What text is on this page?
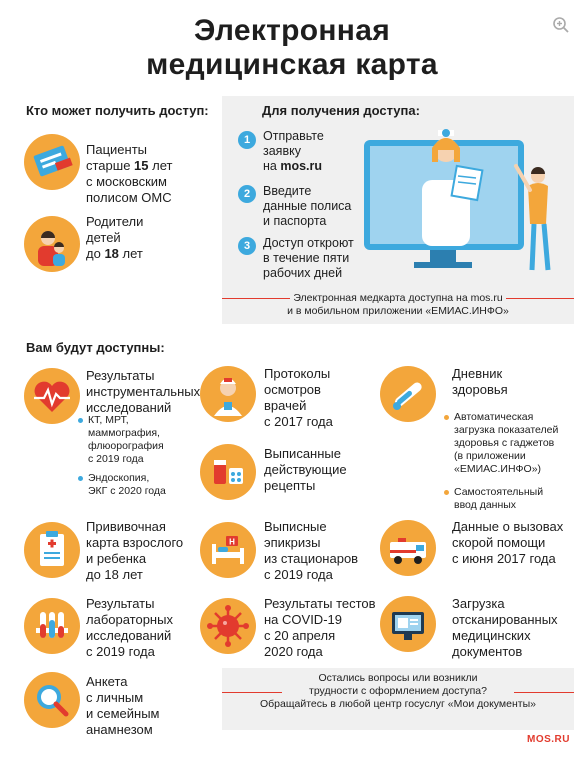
Электронная
медицинская карта
Кто может получить доступ:
Пациенты
старше 15 лет
с московским
полисом ОМС
Родители
детей
до 18 лет
Для получения доступа:
1	Отправьте
заявку
на mos.ru
2	Введите
данные полиса
и паспорта
3	Доступ откроют
в течение пяти
рабочих дней
Электронная медкарта доступна на mos.ru
и в мобильном приложении «ЕМИАС.ИНФО»
Вам будут доступны:
Результаты
инструментальных
исследований
КТ, МРТ,
маммография,
флюорография
с 2019 года
Эндоскопия,
ЭКГ с 2020 года
Прививочная
карта взрослого
и ребенка
до 18 лет
Результаты
лабораторных
исследований
с 2019 года
Анкета
с личным
и семейным
анамнезом
Протоколы
осмотров
врачей
с 2017 года
Выписанные
действующие
рецепты
H
Выписные
эпикризы
из стационаров
с 2019 года
Результаты тестов
на COVID-19
с 20 апреля
2020 года
Дневник
здоровья
Автоматическая
загрузка показателей
здоровья с гаджетов
(в приложении
«ЕМИАС.ИНФО»)
Самостоятельный
ввод данных
Данные о вызовах
скорой помощи
с июня 2017 года
Загрузка
отсканированных
медицинских
документов
Остались вопросы или возникли
трудности с оформлением доступа?
Обращайтесь в любой центр госуслуг «Мои документы»
MOS.RU
